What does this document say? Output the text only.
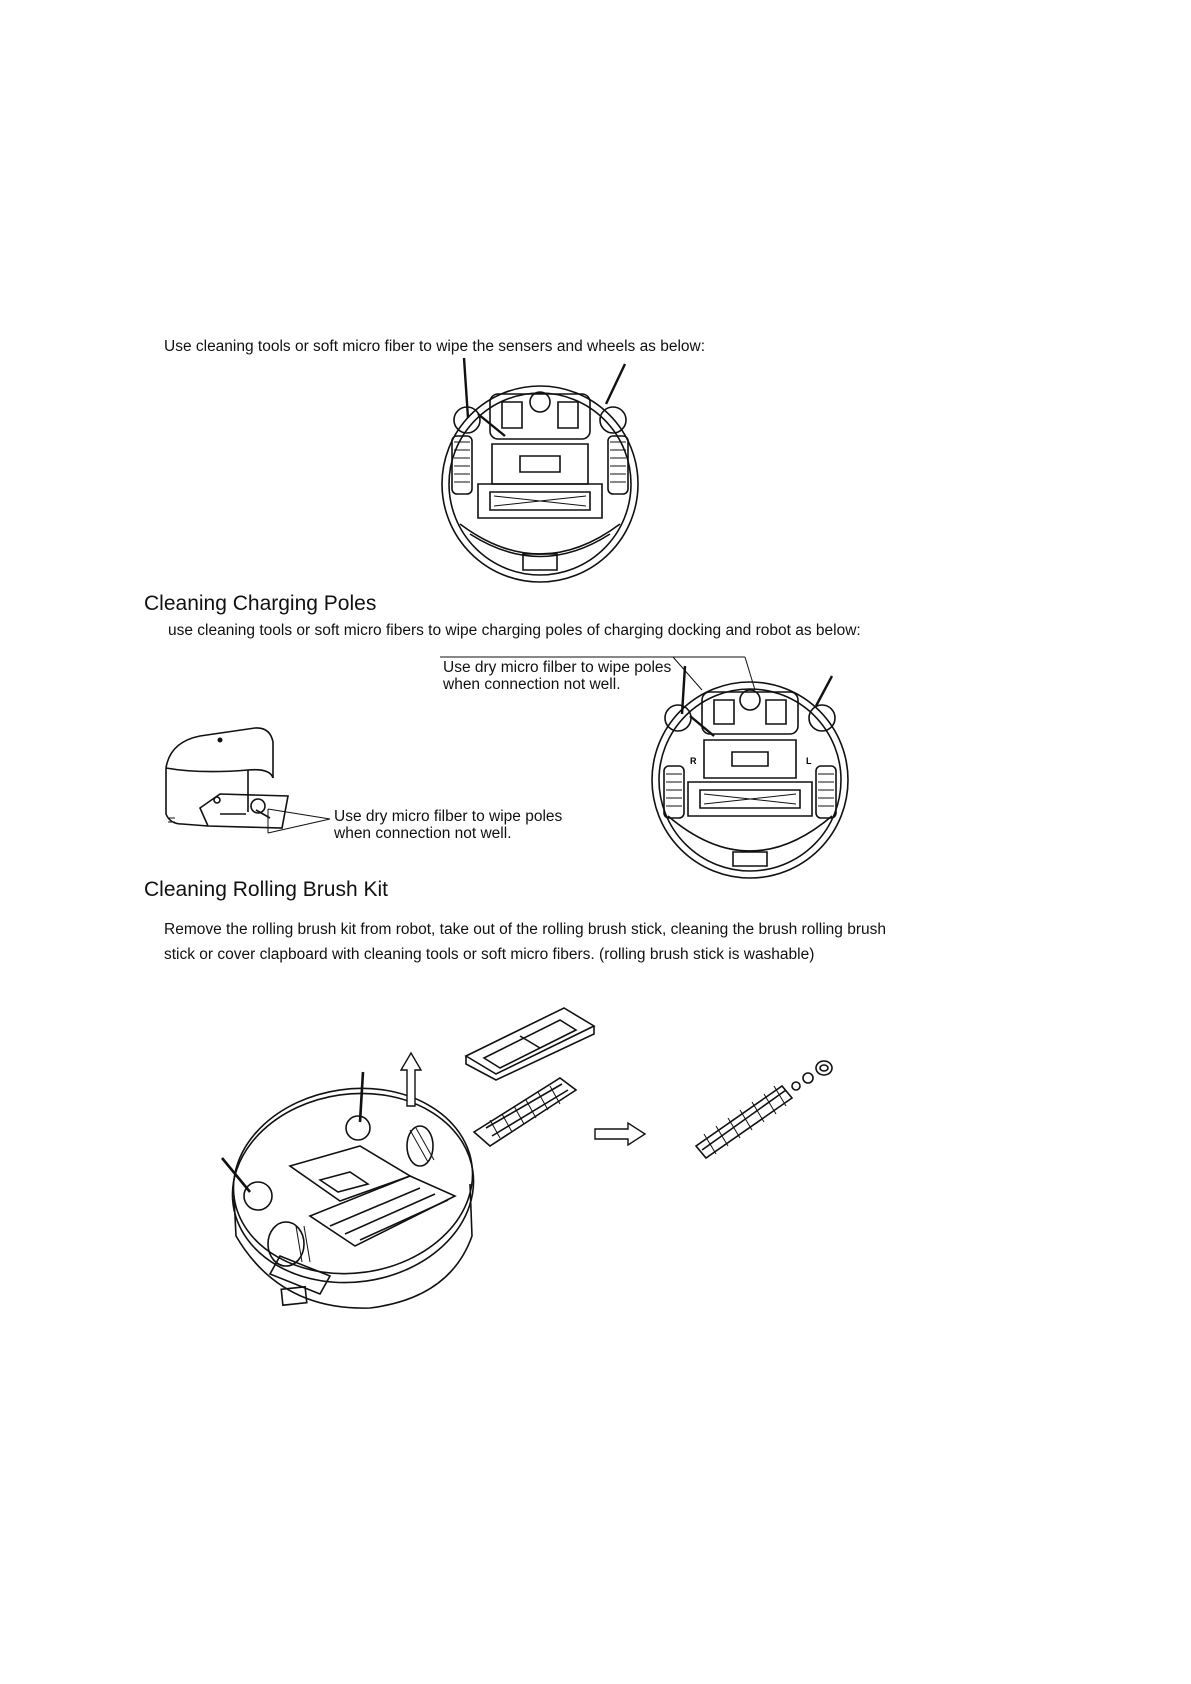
Use cleaning tools or soft micro fiber to wipe the sensers and wheels as below:
Cleaning Charging Poles
use cleaning tools or soft micro fibers to wipe charging poles of charging docking and robot as below:
Use dry micro filber to wipe poles
when connection not well.
Use dry micro filber to wipe poles
when connection not well.
R	L
Cleaning Rolling Brush Kit
Remove the rolling brush kit from robot, take out of the rolling brush stick, cleaning the brush rolling brush
stick or cover clapboard with cleaning tools or soft micro fibers. (rolling brush stick is washable)
